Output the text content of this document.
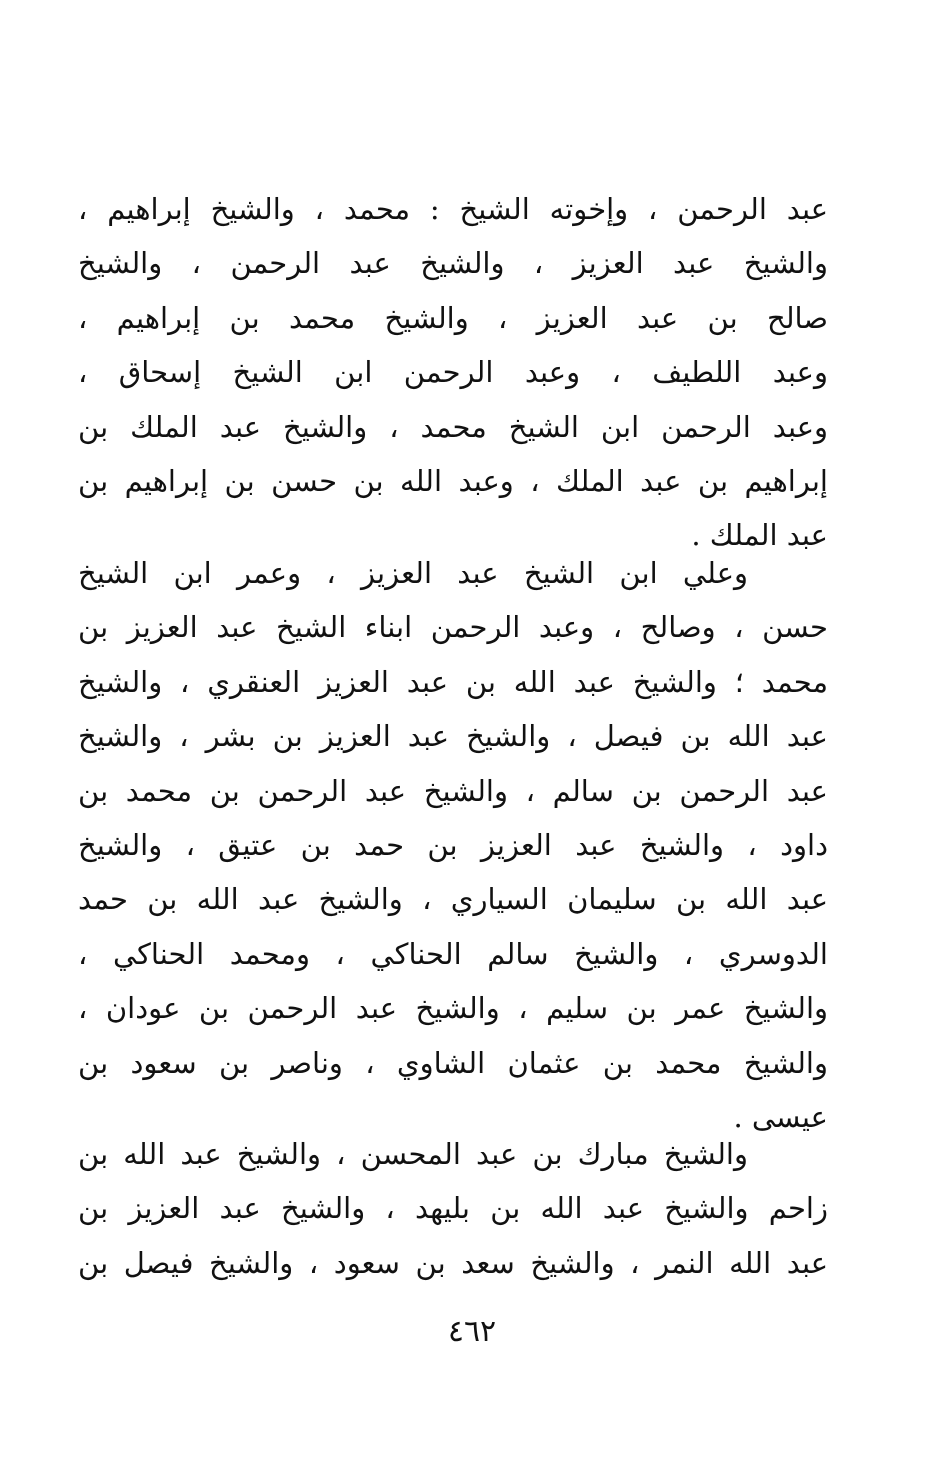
عبد الرحمن ، وإخوته الشيخ : محمد ، والشيخ إبراهيم ،
والشيخ عبد العزيز ، والشيخ عبد الرحمن ، والشيخ
صالح بن عبد العزيز ، والشيخ محمد بن إبراهيم ،
وعبد اللطيف ، وعبد الرحمن ابن الشيخ إسحاق ،
وعبد الرحمن ابن الشيخ محمد ، والشيخ عبد الملك بن
إبراهيم بن عبد الملك ، وعبد الله بن حسن بن إبراهيم بن
عبد الملك .
وعلي ابن الشيخ عبد العزيز ، وعمر ابن الشيخ
حسن ، وصالح ، وعبد الرحمن ابناء الشيخ عبد العزيز بن
محمد ؛ والشيخ عبد الله بن عبد العزيز العنقري ، والشيخ
عبد الله بن فيصل ، والشيخ عبد العزيز بن بشر ، والشيخ
عبد الرحمن بن سالم ، والشيخ عبد الرحمن بن محمد بن
داود ، والشيخ عبد العزيز بن حمد بن عتيق ، والشيخ
عبد الله بن سليمان السياري ، والشيخ عبد الله بن حمد
الدوسري ، والشيخ سالم الحناكي ، ومحمد الحناكي ،
والشيخ عمر بن سليم ، والشيخ عبد الرحمن بن عودان ،
والشيخ محمد بن عثمان الشاوي ، وناصر بن سعود بن
عيسى .
والشيخ مبارك بن عبد المحسن ، والشيخ عبد الله بن
زاحم والشيخ عبد الله بن بليهد ، والشيخ عبد العزيز بن
عبد الله النمر ، والشيخ سعد بن سعود ، والشيخ فيصل بن
٤٦٢
